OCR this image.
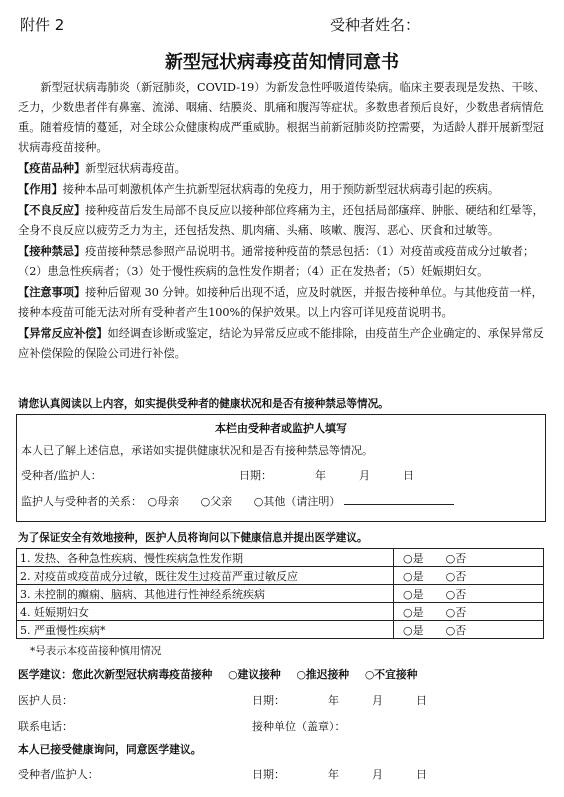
附件 2	受种者姓名：
新型冠状病毒疫苗知情同意书

新型冠状病毒肺炎（新冠肺炎，COVID-19）为新发急性呼吸道传染病。临床主要表现是发热、干咳、乏力，少数患者伴有鼻塞、流涕、咽痛、结膜炎、肌痛和腹泻等症状。多数患者预后良好，少数患者病情危重。随着疫情的蔓延，对全球公众健康构成严重威胁。根据当前新冠肺炎防控需要，为适龄人群开展新型冠状病毒疫苗接种。

【疫苗品种】新型冠状病毒疫苗。

【作用】接种本品可刺激机体产生抗新型冠状病毒的免疫力，用于预防新型冠状病毒引起的疾病。

【不良反应】接种疫苗后发生局部不良反应以接种部位疼痛为主，还包括局部瘙痒、肿胀、硬结和红晕等，全身不良反应以疲劳乏力为主，还包括发热、肌肉痛、头痛、咳嗽、腹泻、恶心、厌食和过敏等。

【接种禁忌】疫苗接种禁忌参照产品说明书。通常接种疫苗的禁忌包括：（1）对疫苗或疫苗成分过敏者；（2）患急性疾病者；（3）处于慢性疾病的急性发作期者；（4）正在发热者；（5）妊娠期妇女。

【注意事项】接种后留观 30 分钟。如接种后出现不适，应及时就医，并报告接种单位。与其他疫苗一样，接种本疫苗可能无法对所有受种者产生100%的保护效果。以上内容可详见疫苗说明书。

【异常反应补偿】如经调查诊断或鉴定，结论为异常反应或不能排除，由疫苗生产企业确定的、承保异常反应补偿保险的保险公司进行补偿。

请您认真阅读以上内容，如实提供受种者的健康状况和是否有接种禁忌等情况。
本栏由受种者或监护人填写
本人已了解上述信息，承诺如实提供健康状况和是否有接种禁忌等情况。
受种者/监护人：	日期：	年	月	日
监护人与受种者的关系： ○母亲 ○父亲 ○其他（请注明）
为了保证安全有效地接种，医护人员将询问以下健康信息并提出医学建议。
1. 发热、各种急性疾病、慢性疾病急性发作期	○是 ○否
2. 对疫苗或疫苗成分过敏，既往发生过疫苗严重过敏反应	○是 ○否
3. 未控制的癫痫、脑病、其他进行性神经系统疾病	○是 ○否
4. 妊娠期妇女	○是 ○否
5. 严重慢性疾病*	○是 ○否
*号表示本疫苗接种慎用情况
医学建议：您此次新型冠状病毒疫苗接种 ○建议接种 ○推迟接种 ○不宜接种
医护人员：	日期：	年	月	日
联系电话：	接种单位（盖章）：
本人已接受健康询问，同意医学建议。
受种者/监护人：	日期：	年	月	日
